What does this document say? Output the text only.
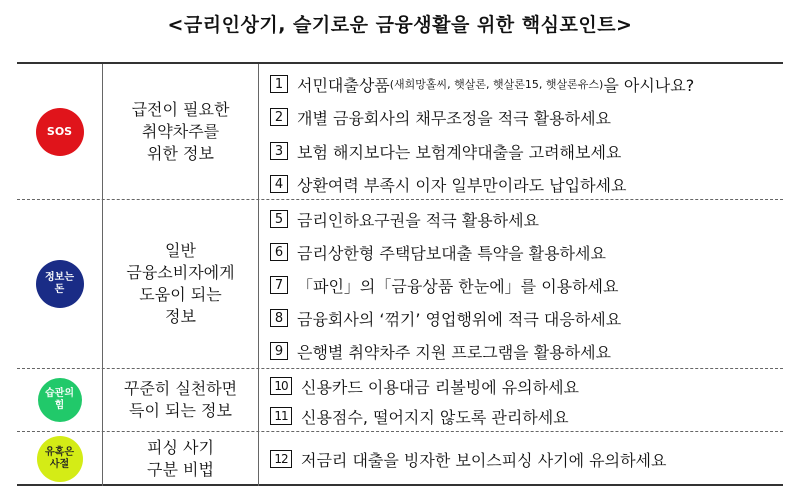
<금리인상기, 슬기로운 금융생활을 위한 핵심포인트>
SOS
급전이 필요한
취약차주를
위한 정보
1 서민대출상품 (새희망홀씨, 햇살론, 햇살론15, 햇살론유스) 을 아시나요?
2 개별 금융회사의 채무조정을 적극 활용하세요
3 보험 해지보다는 보험계약대출을 고려해보세요
4 상환여력 부족시 이자 일부만이라도 납입하세요
정보는
돈
일반
금융소비자에게
도움이 되는
정보
5 금리인하요구권을 적극 활용하세요
6 금리상한형 주택담보대출 특약을 활용하세요
7 「파인」의「금융상품 한눈에」를 이용하세요
8 금융회사의 ‘꺾기’ 영업행위에 적극 대응하세요
9 은행별 취약차주 지원 프로그램을 활용하세요
습관의
힘
꾸준히 실천하면
득이 되는 정보
10 신용카드 이용대금 리볼빙에 유의하세요
11 신용점수, 떨어지지 않도록 관리하세요
유혹은
사절
피싱 사기
구분 비법
12 저금리 대출을 빙자한 보이스피싱 사기에 유의하세요
